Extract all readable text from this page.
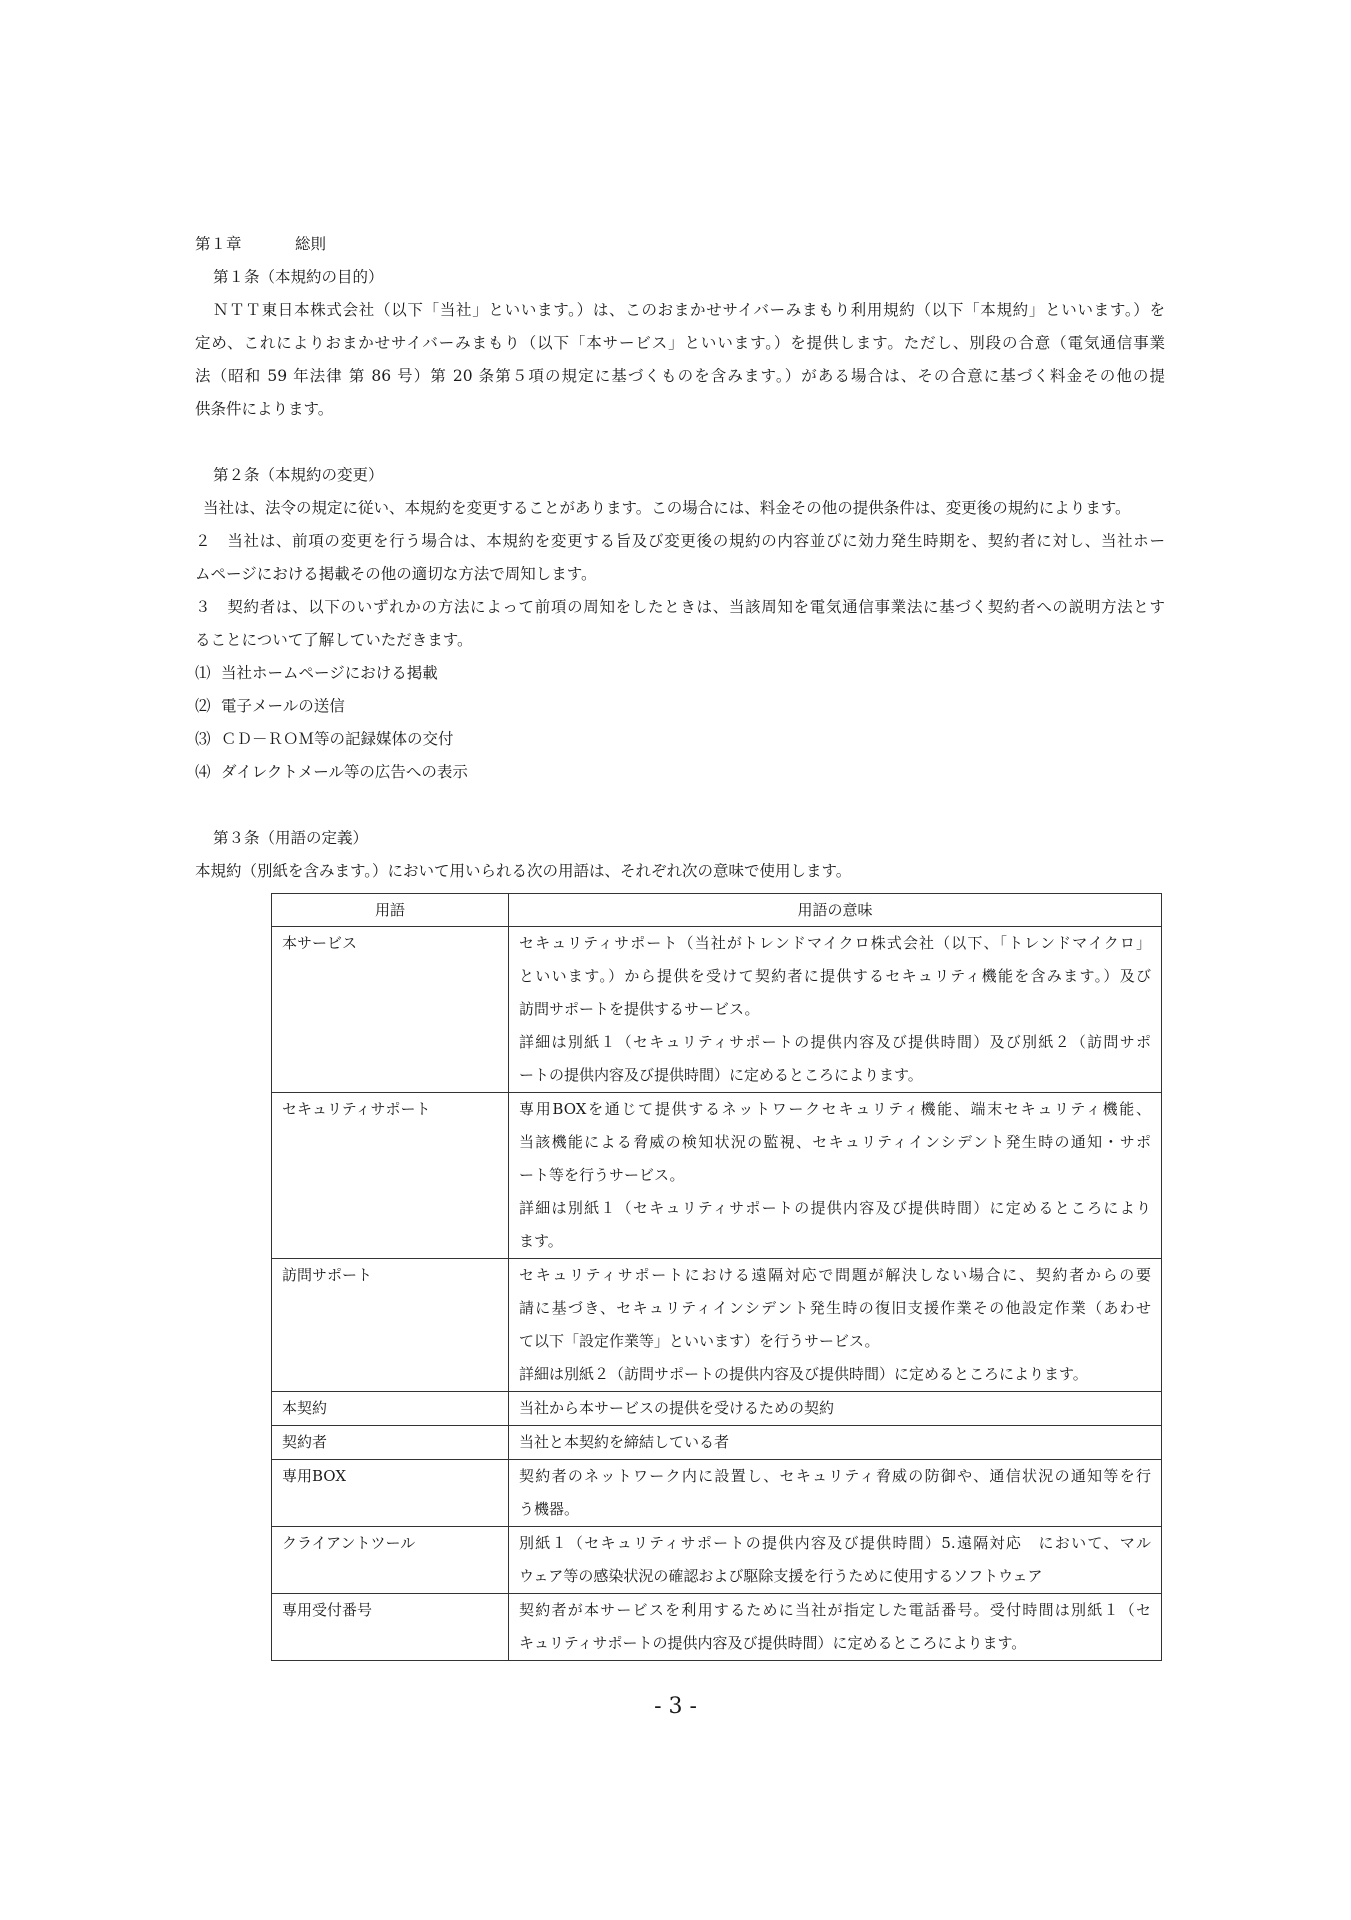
第１章	総則
第１条（本規約の目的）
ＮＴＴ東日本株式会社（以下「当社」といいます。）は、このおまかせサイバーみまもり利用規約（以下「本規約」といいます。）を
定め、これによりおまかせサイバーみまもり（以下「本サービス」といいます。）を提供します。ただし、別段の合意（電気通信事業
法（昭和 59 年法律 第 86 号）第 20 条第５項の規定に基づくものを含みます。）がある場合は、その合意に基づく料金その他の提
供条件によります。
第２条（本規約の変更）
当社は、法令の規定に従い、本規約を変更することがあります。この場合には、料金その他の提供条件は、変更後の規約によります。
２　当社は、前項の変更を行う場合は、本規約を変更する旨及び変更後の規約の内容並びに効力発生時期を、契約者に対し、当社ホー
ムページにおける掲載その他の適切な方法で周知します。
３　契約者は、以下のいずれかの方法によって前項の周知をしたときは、当該周知を電気通信事業法に基づく契約者への説明方法とす
ることについて了解していただきます。
⑴ 当社ホームページにおける掲載
⑵ 電子メールの送信
⑶ ＣＤ－ＲＯＭ等の記録媒体の交付
⑷ ダイレクトメール等の広告への表示
第３条（用語の定義）
本規約（別紙を含みます。）において用いられる次の用語は、それぞれ次の意味で使用します。
用語	用語の意味

本サービス	セキュリティサポート（当社がトレンドマイクロ株式会社（以下、「トレンドマイクロ」
といいます。）から提供を受けて契約者に提供するセキュリティ機能を含みます。）及び
訪問サポートを提供するサービス。
詳細は別紙１（セキュリティサポートの提供内容及び提供時間）及び別紙２（訪問サポ
ートの提供内容及び提供時間）に定めるところによります。

セキュリティサポート	専用BOXを通じて提供するネットワークセキュリティ機能、端末セキュリティ機能、
当該機能による脅威の検知状況の監視、セキュリティインシデント発生時の通知・サポ
ート等を行うサービス。
詳細は別紙１（セキュリティサポートの提供内容及び提供時間）に定めるところにより
ます。

訪問サポート	セキュリティサポートにおける遠隔対応で問題が解決しない場合に、契約者からの要
請に基づき、セキュリティインシデント発生時の復旧支援作業その他設定作業（あわせ
て以下「設定作業等」といいます）を行うサービス。
詳細は別紙２（訪問サポートの提供内容及び提供時間）に定めるところによります。

本契約	当社から本サービスの提供を受けるための契約

契約者	当社と本契約を締結している者

専用BOX	契約者のネットワーク内に設置し、セキュリティ脅威の防御や、通信状況の通知等を行
う機器。

クライアントツール	別紙１（セキュリティサポートの提供内容及び提供時間）5.遠隔対応　において、マル
ウェア等の感染状況の確認および駆除支援を行うために使用するソフトウェア

専用受付番号	契約者が本サービスを利用するために当社が指定した電話番号。受付時間は別紙１（セ
キュリティサポートの提供内容及び提供時間）に定めるところによります。
- 3 -
